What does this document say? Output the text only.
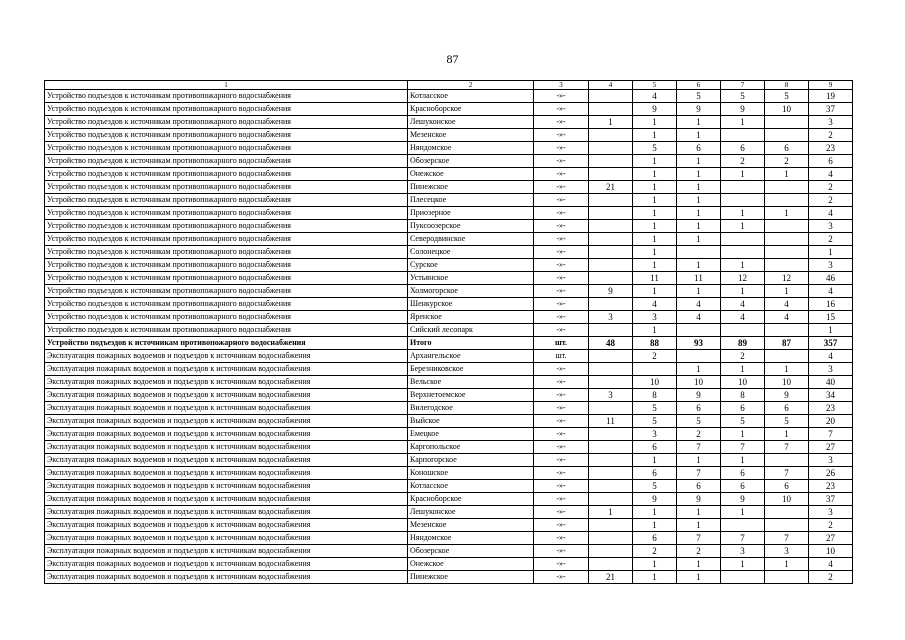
87
1	2	3	4	5	6	7	8	9
Устройство подъездов к источникам противопожарного водоснабжения	Котласское	-»-		4	5	5	5	19
Устройство подъездов к источникам противопожарного водоснабжения	Красноборское	-»-		9	9	9	10	37
Устройство подъездов к источникам противопожарного водоснабжения	Лешуконское	-»-	1	1	1	1		3
Устройство подъездов к источникам противопожарного водоснабжения	Мезенское	-»-		1	1			2
Устройство подъездов к источникам противопожарного водоснабжения	Няндомское	-»-		5	6	6	6	23
Устройство подъездов к источникам противопожарного водоснабжения	Обозерское	-»-		1	1	2	2	6
Устройство подъездов к источникам противопожарного водоснабжения	Онежское	-»-		1	1	1	1	4
Устройство подъездов к источникам противопожарного водоснабжения	Пинежское	-»-	21	1	1			2
Устройство подъездов к источникам противопожарного водоснабжения	Плесецкое	-»-		1	1			2
Устройство подъездов к источникам противопожарного водоснабжения	Приозерное	-»-		1	1	1	1	4
Устройство подъездов к источникам противопожарного водоснабжения	Пуксоозерское	-»-		1	1	1		3
Устройство подъездов к источникам противопожарного водоснабжения	Северодвинское	-»-		1	1			2
Устройство подъездов к источникам противопожарного водоснабжения	Солонецкое	-»-		1				1
Устройство подъездов к источникам противопожарного водоснабжения	Сурское	-»-		1	1	1		3
Устройство подъездов к источникам противопожарного водоснабжения	Устьянское	-»-		11	11	12	12	46
Устройство подъездов к источникам противопожарного водоснабжения	Холмогорское	-»-	9	1	1	1	1	4
Устройство подъездов к источникам противопожарного водоснабжения	Шенкурское	-»-		4	4	4	4	16
Устройство подъездов к источникам противопожарного водоснабжения	Яренское	-»-	3	3	4	4	4	15
Устройство подъездов к источникам противопожарного водоснабжения	Сийский лесопарк	-»-		1				1
Устройство подъездов к источникам противопожарного водоснабжения	Итого	шт.	48	88	93	89	87	357
Эксплуатация пожарных водоемов и подъездов к источникам водоснабжения	Архангельское	шт.		2		2		4
Эксплуатация пожарных водоемов и подъездов к источникам водоснабжения	Березниковское	-»-			1	1	1	3
Эксплуатация пожарных водоемов и подъездов к источникам водоснабжения	Вельское	-»-		10	10	10	10	40
Эксплуатация пожарных водоемов и подъездов к источникам водоснабжения	Верхнетоемское	-»-	3	8	9	8	9	34
Эксплуатация пожарных водоемов и подъездов к источникам водоснабжения	Вилегодское	-»-		5	6	6	6	23
Эксплуатация пожарных водоемов и подъездов к источникам водоснабжения	Выйское	-»-	11	5	5	5	5	20
Эксплуатация пожарных водоемов и подъездов к источникам водоснабжения	Емецкое	-»-		3	2	1	1	7
Эксплуатация пожарных водоемов и подъездов к источникам водоснабжения	Каргопольское	-»-		6	7	7	7	27
Эксплуатация пожарных водоемов и подъездов к источникам водоснабжения	Карпогорское	-»-		1	1	1		3
Эксплуатация пожарных водоемов и подъездов к источникам водоснабжения	Коношское	-»-		6	7	6	7	26
Эксплуатация пожарных водоемов и подъездов к источникам водоснабжения	Котласское	-»-		5	6	6	6	23
Эксплуатация пожарных водоемов и подъездов к источникам водоснабжения	Красноборское	-»-		9	9	9	10	37
Эксплуатация пожарных водоемов и подъездов к источникам водоснабжения	Лешуконское	-»-	1	1	1	1		3
Эксплуатация пожарных водоемов и подъездов к источникам водоснабжения	Мезенское	-»-		1	1			2
Эксплуатация пожарных водоемов и подъездов к источникам водоснабжения	Няндомское	-»-		6	7	7	7	27
Эксплуатация пожарных водоемов и подъездов к источникам водоснабжения	Обозерское	-»-		2	2	3	3	10
Эксплуатация пожарных водоемов и подъездов к источникам водоснабжения	Онежское	-»-		1	1	1	1	4
Эксплуатация пожарных водоемов и подъездов к источникам водоснабжения	Пинежское	-»-	21	1	1			2
